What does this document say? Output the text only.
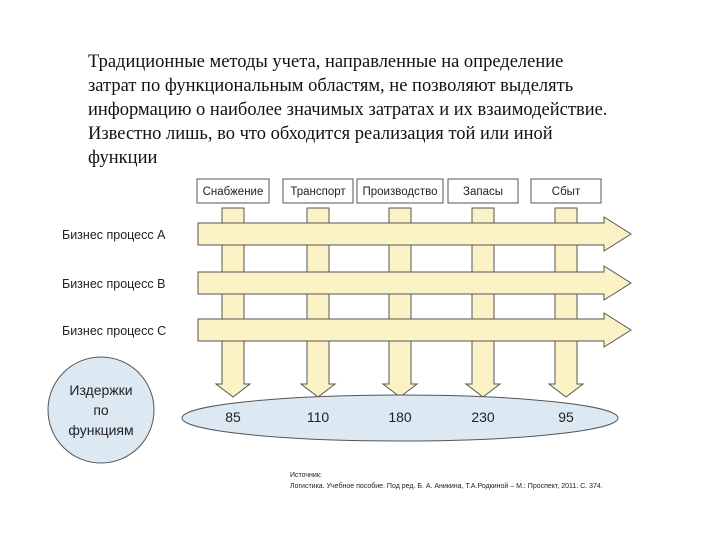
Традиционные методы учета, направленные на определение
затрат по функциональным областям, не позволяют выделять
информацию о наиболее значимых затратах и их взаимодействие.
Известно лишь, во что обходится реализация той или иной
функции
Бизнес процесс А
Бизнес процесс В
Бизнес процесс С
Снабжение Транспорт Производство Запасы	Сбыт
Издержки
по
функциям
85	110	180	230	95
Источник:
Логистика. Учебное пособие. Под ред. Б. А. Аникина, Т.А.Родкиной – М.: Проспект, 2011. С. 374.
